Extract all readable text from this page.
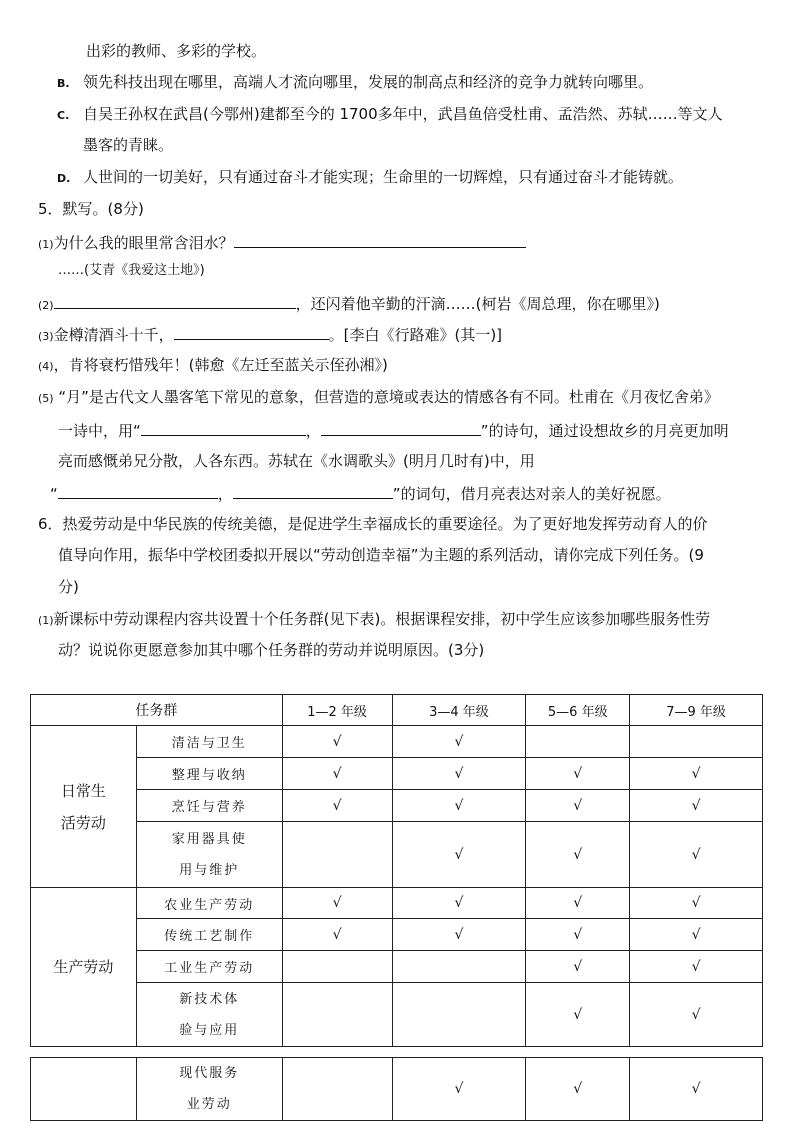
出彩的教师、多彩的学校。
B. 领先科技出现在哪里，高端人才流向哪里，发展的制高点和经济的竞争力就转向哪里。
C. 自吴王孙权在武昌(今鄂州)建都至今的 1700多年中，武昌鱼倍受杜甫、孟浩然、苏轼……等文人
墨客的青睐。
D. 人世间的一切美好，只有通过奋斗才能实现；生命里的一切辉煌，只有通过奋斗才能铸就。
5．默写。(8分)
(1)为什么我的眼里常含泪水？
……(艾青《我爱这土地》)
(2)	，还闪着他辛勤的汗滴……(柯岩《周总理，你在哪里》)
(3)金樽清酒斗十千，	。[李白《行路难》(其一)]
(4)，肯将衰朽惜残年！(韩愈《左迁至蓝关示侄孙湘》)
(5) “月”是古代文人墨客笔下常见的意象，但营造的意境或表达的情感各有不同。杜甫在《月夜忆舍弟》
一诗中，用“	，	”的诗句，通过设想故乡的月亮更加明
亮而感慨弟兄分散，人各东西。苏轼在《水调歌头》(明月几时有)中，用
“	，	”的词句，借月亮表达对亲人的美好祝愿。
6．热爱劳动是中华民族的传统美德，是促进学生幸福成长的重要途径。为了更好地发挥劳动育人的价
值导向作用，振华中学校团委拟开展以“劳动创造幸福”为主题的系列活动，请你完成下列任务。(9
分)
(1)新课标中劳动课程内容共设置十个任务群(见下表)。根据课程安排，初中学生应该参加哪些服务性劳
动？说说你更愿意参加其中哪个任务群的劳动并说明原因。(3分)
任务群		1—2 年级	3—4 年级	5—6 年级	7—9 年级

日常生
活劳动	清洁与卫生	√	√		
	整理与收纳	√	√	√	√
	烹饪与营养	√	√	√	√

	家用器具使
用与维护		√	√	√
生产劳动	农业生产劳动	√	√	√	√
	传统工艺制作	√	√	√	√
	工业生产劳动			√	√

	新技术体
验与应用			√	√

	现代服务
业劳动		√	√	√
